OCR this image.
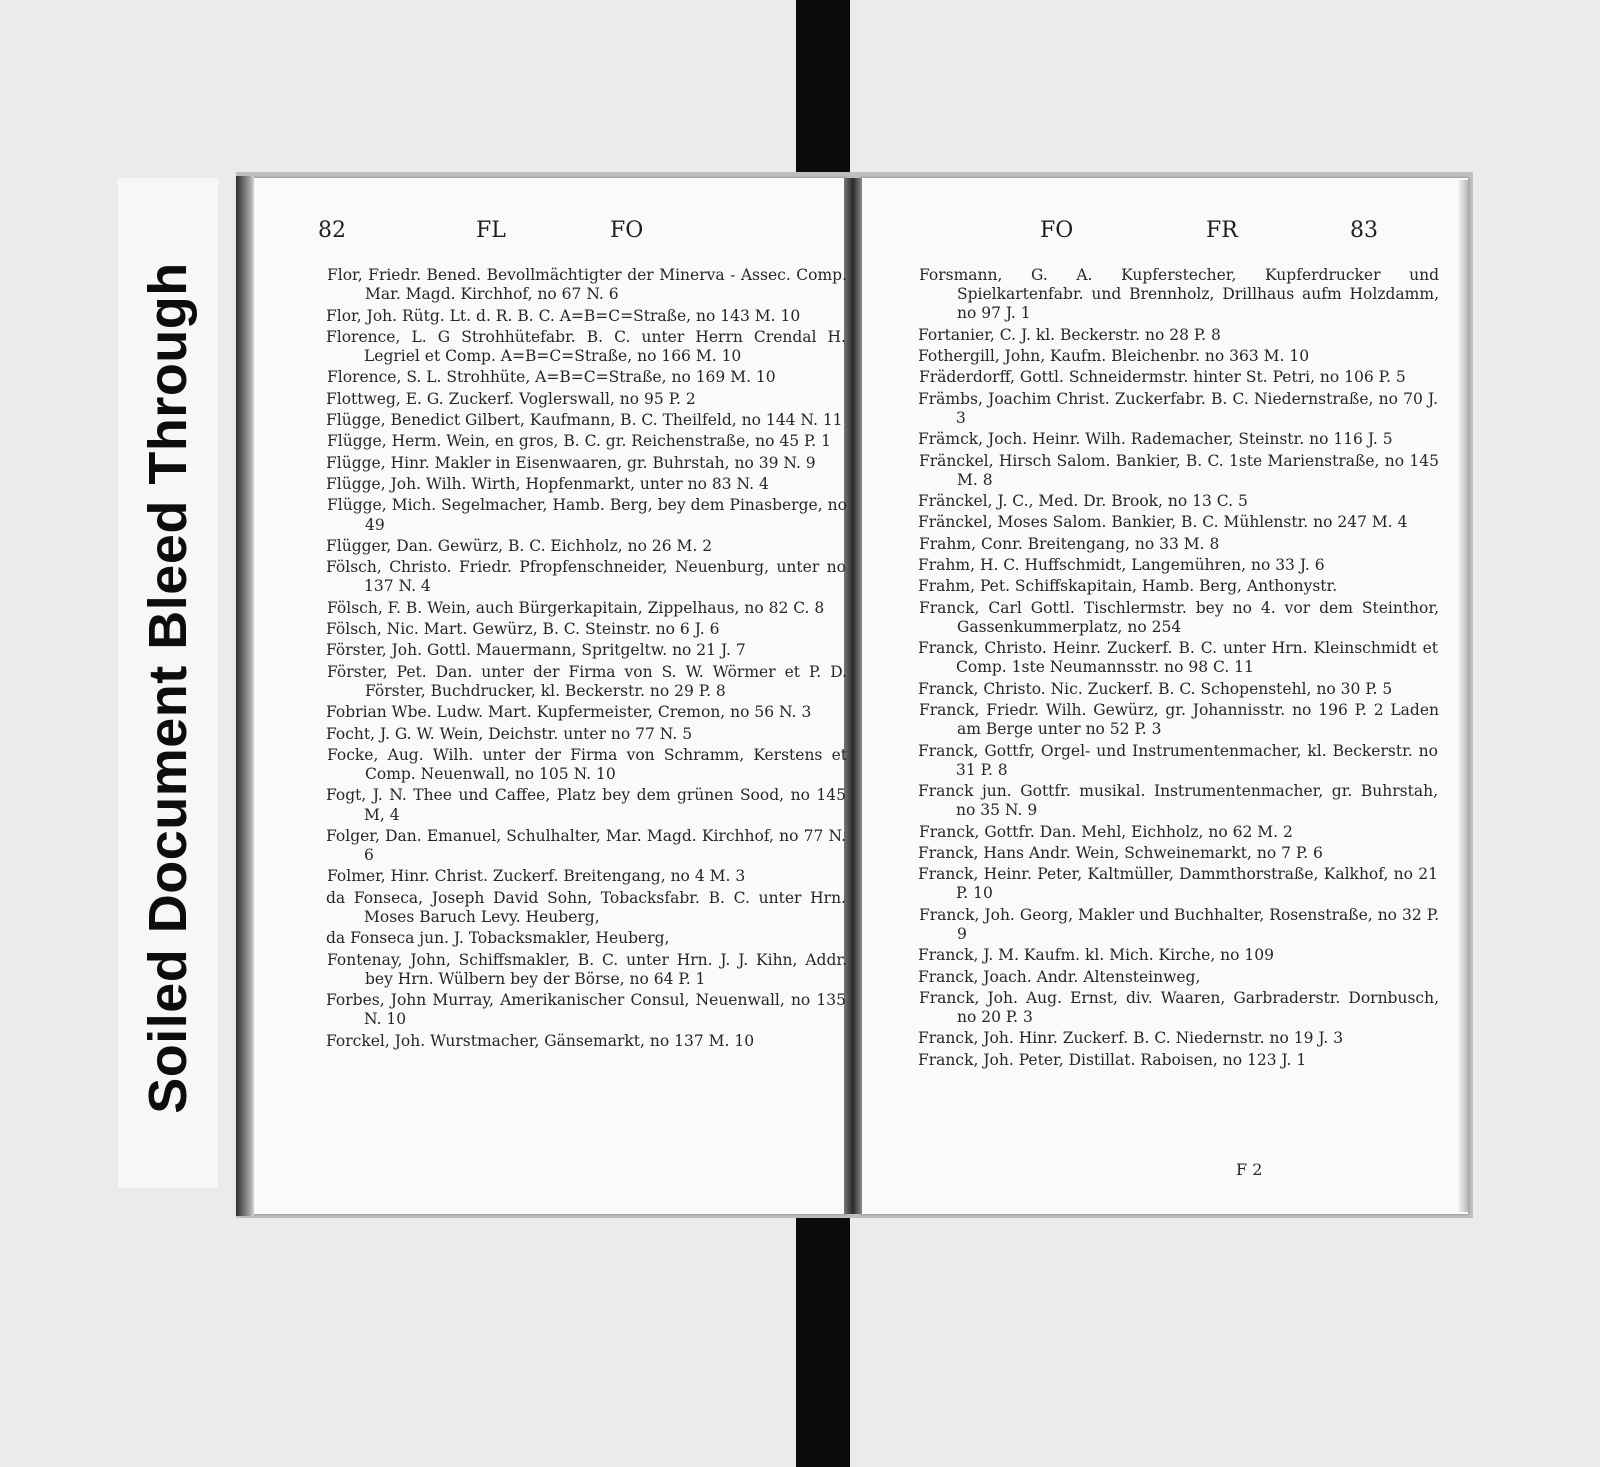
Soiled Document Bleed Through
82	FL	FO	FO	FR	83

Flor, Friedr. Bened. Bevollmächtigter der Minerva - Assec. Comp. Mar. Magd. Kirchhof, no 67 N. 6

Flor, Joh. Rütg. Lt. d. R. B. C. A=B=C=Straße, no 143 M. 10

Florence, L. G Strohhütefabr. B. C. unter Herrn Crendal H. Legriel et Comp. A=B=C=Straße, no 166 M. 10

Florence, S. L. Strohhüte, A=B=C=Straße, no 169 M. 10

Flottweg, E. G. Zuckerf. Voglerswall, no 95 P. 2

Flügge, Benedict Gilbert, Kaufmann, B. C. Theilfeld, no 144 N. 11

Flügge, Herm. Wein, en gros, B. C. gr. Reichenstraße, no 45 P. 1

Flügge, Hinr. Makler in Eisenwaaren, gr. Buhrstah, no 39 N. 9

Flügge, Joh. Wilh. Wirth, Hopfenmarkt, unter no 83 N. 4

Flügge, Mich. Segelmacher, Hamb. Berg, bey dem Pinasberge, no 49

Flügger, Dan. Gewürz, B. C. Eichholz, no 26 M. 2

Fölsch, Christo. Friedr. Pfropfenschneider, Neuenburg, unter no 137 N. 4

Fölsch, F. B. Wein, auch Bürgerkapitain, Zippelhaus, no 82 C. 8

Fölsch, Nic. Mart. Gewürz, B. C. Steinstr. no 6 J. 6

Förster, Joh. Gottl. Mauermann, Spritgeltw. no 21 J. 7

Förster, Pet. Dan. unter der Firma von S. W. Wörmer et P. D. Förster, Buchdrucker, kl. Beckerstr. no 29 P. 8

Fobrian Wbe. Ludw. Mart. Kupfermeister, Cremon, no 56 N. 3

Focht, J. G. W. Wein, Deichstr. unter no 77 N. 5

Focke, Aug. Wilh. unter der Firma von Schramm, Kerstens et Comp. Neuenwall, no 105 N. 10

Fogt, J. N. Thee und Caffee, Platz bey dem grünen Sood, no 145 M, 4

Folger, Dan. Emanuel, Schulhalter, Mar. Magd. Kirchhof, no 77 N. 6

Folmer, Hinr. Christ. Zuckerf. Breitengang, no 4 M. 3

da Fonseca, Joseph David Sohn, Tobacksfabr. B. C. unter Hrn. Moses Baruch Levy. Heuberg,

da Fonseca jun. J. Tobacksmakler, Heuberg,

Fontenay, John, Schiffsmakler, B. C. unter Hrn. J. J. Kihn, Addr. bey Hrn. Wülbern bey der Börse, no 64 P. 1

Forbes, John Murray, Amerikanischer Consul, Neuenwall, no 135 N. 10

Forckel, Joh. Wurstmacher, Gänsemarkt, no 137 M. 10

Forsmann, G. A. Kupferstecher, Kupferdrucker und Spielkartenfabr. und Brennholz, Drillhaus aufm Holzdamm, no 97 J. 1

Fortanier, C. J. kl. Beckerstr. no 28 P. 8

Fothergill, John, Kaufm. Bleichenbr. no 363 M. 10

Fräderdorff, Gottl. Schneidermstr. hinter St. Petri, no 106 P. 5

Främbs, Joachim Christ. Zuckerfabr. B. C. Niedernstraße, no 70 J. 3

Främck, Joch. Heinr. Wilh. Rademacher, Steinstr. no 116 J. 5

Fränckel, Hirsch Salom. Bankier, B. C. 1ste Marienstraße, no 145 M. 8

Fränckel, J. C., Med. Dr. Brook, no 13 C. 5

Fränckel, Moses Salom. Bankier, B. C. Mühlenstr. no 247 M. 4

Frahm, Conr. Breitengang, no 33 M. 8

Frahm, H. C. Huffschmidt, Langemühren, no 33 J. 6

Frahm, Pet. Schiffskapitain, Hamb. Berg, Anthonystr.

Franck, Carl Gottl. Tischlermstr. bey no 4. vor dem Steinthor, Gassenkummerplatz, no 254

Franck, Christo. Heinr. Zuckerf. B. C. unter Hrn. Kleinschmidt et Comp. 1ste Neumannsstr. no 98 C. 11

Franck, Christo. Nic. Zuckerf. B. C. Schopenstehl, no 30 P. 5

Franck, Friedr. Wilh. Gewürz, gr. Johannisstr. no 196 P. 2 Laden am Berge unter no 52 P. 3

Franck, Gottfr, Orgel- und Instrumentenmacher, kl. Beckerstr. no 31 P. 8

Franck jun. Gottfr. musikal. Instrumentenmacher, gr. Buhrstah, no 35 N. 9

Franck, Gottfr. Dan. Mehl, Eichholz, no 62 M. 2

Franck, Hans Andr. Wein, Schweinemarkt, no 7 P. 6

Franck, Heinr. Peter, Kaltmüller, Dammthorstraße, Kalkhof, no 21 P. 10

Franck, Joh. Georg, Makler und Buchhalter, Rosenstraße, no 32 P. 9

Franck, J. M. Kaufm. kl. Mich. Kirche, no 109

Franck, Joach. Andr. Altensteinweg,

Franck, Joh. Aug. Ernst, div. Waaren, Garbraderstr. Dornbusch, no 20 P. 3

Franck, Joh. Hinr. Zuckerf. B. C. Niedernstr. no 19 J. 3

Franck, Joh. Peter, Distillat. Raboisen, no 123 J. 1

F 2
